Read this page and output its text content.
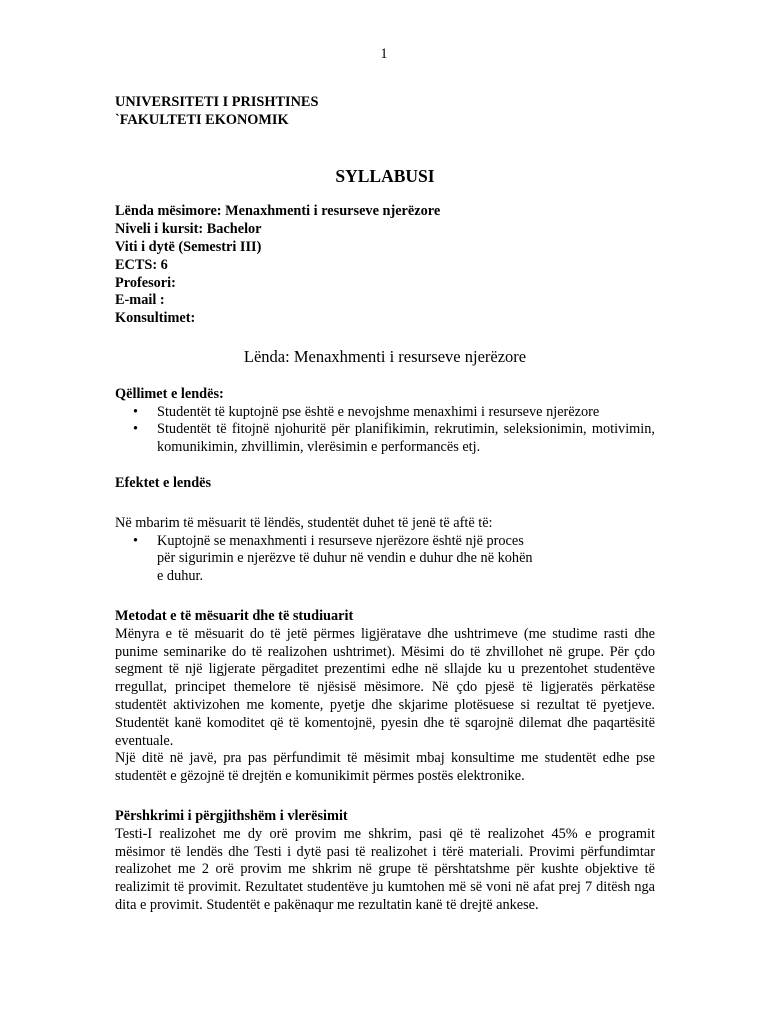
1
UNIVERSITETI I PRISHTINES
`FAKULTETI EKONOMIK
SYLLABUSI
Lënda mësimore: Menaxhmenti i resurseve njerëzore
Niveli i kursit: Bachelor
Viti i dytë (Semestri III)
ECTS: 6
Profesori:
E-mail :
Konsultimet:
Lënda: Menaxhmenti i resurseve njerëzore
Qëllimet e lendës:
• Studentët të kuptojnë pse është e nevojshme menaxhimi i resurseve njerëzore
• Studentët të fitojnë njohuritë për planifikimin, rekrutimin, seleksionimin, motivimin, komunikimin, zhvillimin, vlerësimin e performancës etj.
Efektet e lendës

Në mbarim të mësuarit të lëndës, studentët duhet të jenë të aftë të:

• Kuptojnë se menaxhmenti i resurseve njerëzore është një proces për sigurimin e njerëzve të duhur në vendin e duhur dhe në kohën e duhur.
Metodat e të mësuarit dhe të studiuarit

Mënyra e të mësuarit do të jetë përmes ligjëratave dhe ushtrimeve (me studime rasti dhe punime seminarike do të realizohen ushtrimet). Mësimi do të zhvillohet në grupe. Për çdo segment të një ligjerate përgaditet prezentimi edhe në sllajde ku u prezentohet studentëve rregullat, principet themelore të njësisë mësimore. Në çdo pjesë të ligjeratës përkatëse studentët aktivizohen me komente, pyetje dhe skjarime plotësuese si rezultat të pyetjeve. Studentët kanë komoditet që të komentojnë, pyesin dhe të sqarojnë dilemat dhe paqartësitë eventuale.

Një ditë në javë, pra pas përfundimit të mësimit mbaj konsultime me studentët edhe pse studentët e gëzojnë të drejtën e komunikimit përmes postës elektronike.

Përshkrimi i përgjithshëm i vlerësimit

Testi-I realizohet me dy orë provim me shkrim, pasi që të realizohet 45% e programit mësimor të lendës dhe Testi i dytë pasi të realizohet i tërë materiali. Provimi përfundimtar realizohet me 2 orë provim me shkrim në grupe të përshtatshme për kushte objektive të realizimit të provimit. Rezultatet studentëve ju kumtohen më së voni në afat prej 7 ditësh nga dita e provimit. Studentët e pakënaqur me rezultatin kanë të drejtë ankese.
